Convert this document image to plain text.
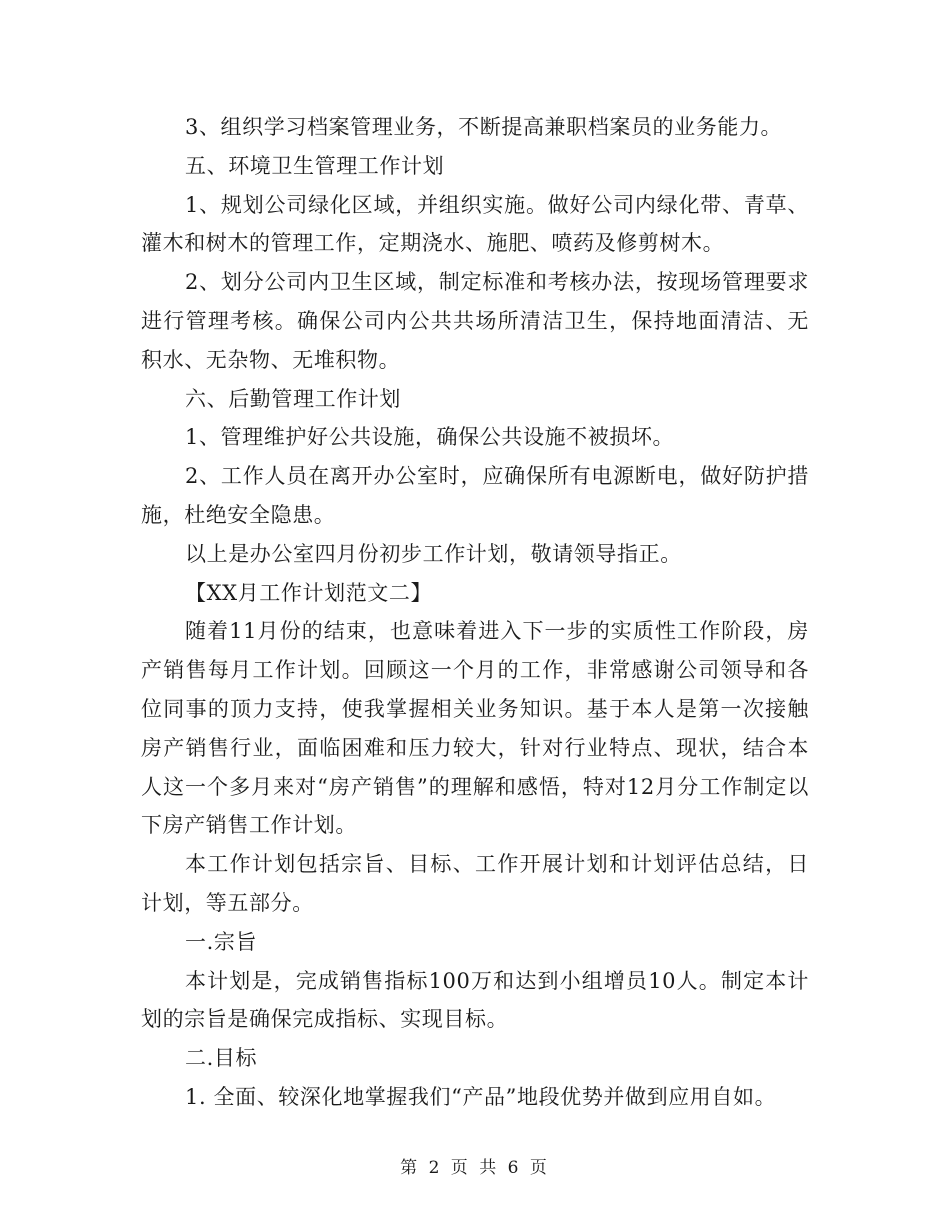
3、组织学习档案管理业务，不断提高兼职档案员的业务能力。

五、环境卫生管理工作计划

1、规划公司绿化区域，并组织实施。做好公司内绿化带、青草、灌木和树木的管理工作，定期浇水、施肥、喷药及修剪树木。

2、划分公司内卫生区域，制定标准和考核办法，按现场管理要求进行管理考核。确保公司内公共共场所清洁卫生，保持地面清洁、无积水、无杂物、无堆积物。

六、后勤管理工作计划

1、管理维护好公共设施，确保公共设施不被损坏。

2、工作人员在离开办公室时，应确保所有电源断电，做好防护措施，杜绝安全隐患。

以上是办公室四月份初步工作计划，敬请领导指正。

【XX月工作计划范文二】

随着11月份的结束，也意味着进入下一步的实质性工作阶段，房产销售每月工作计划。回顾这一个月的工作，非常感谢公司领导和各位同事的顶力支持，使我掌握相关业务知识。基于本人是第一次接触房产销售行业，面临困难和压力较大，针对行业特点、现状，结合本人这一个多月来对“房产销售”的理解和感悟，特对12月分工作制定以下房产销售工作计划。

本工作计划包括宗旨、目标、工作开展计划和计划评估总结，日计划，等五部分。

一.宗旨

本计划是，完成销售指标100万和达到小组增员10人。制定本计划的宗旨是确保完成指标、实现目标。

二.目标

1. 全面、较深化地掌握我们“产品”地段优势并做到应用自如。

第 2 页 共 6 页
